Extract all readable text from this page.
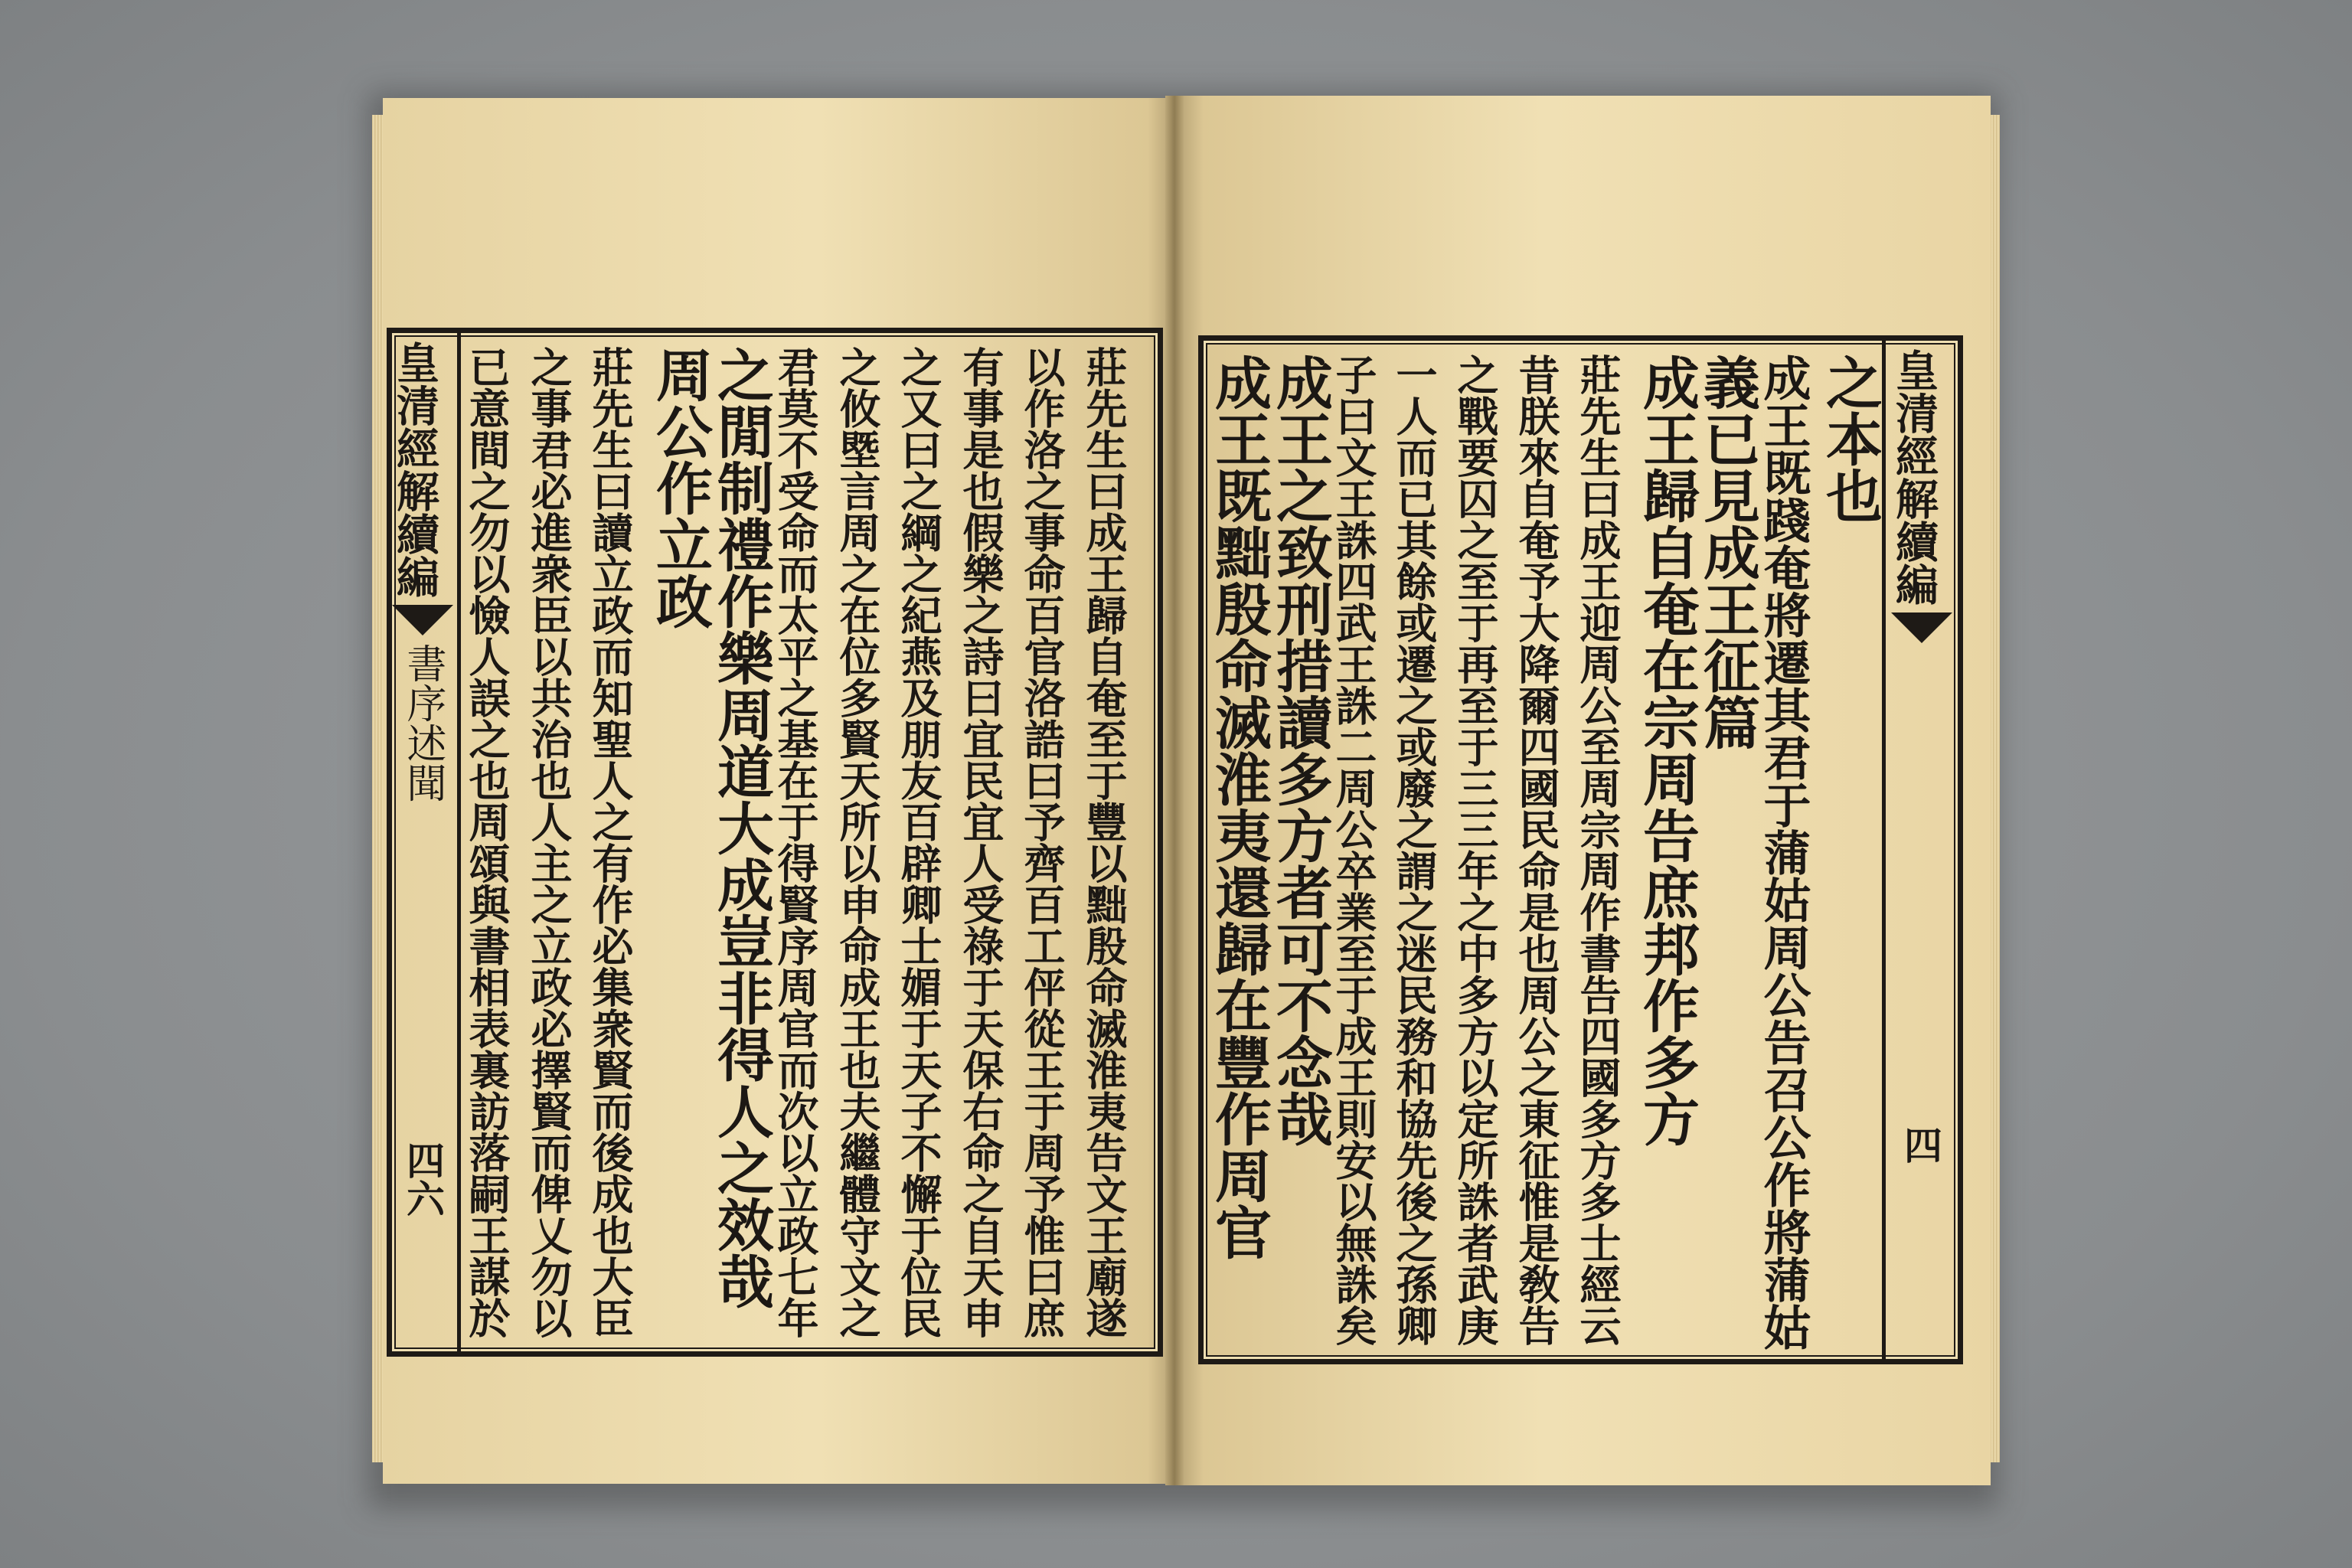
皇清經解續編
書序述聞
四六	莊先生曰成王歸自奄至于豐以黜殷命滅淮夷告文王廟遂
以作洛之事命百官洛誥曰予齊百工伻從王于周予惟曰庶
有事是也假樂之詩曰宜民宜人受祿于天保右命之自天申
之又曰之綱之紀燕及朋友百辟卿士媚于天子不懈于位民
之攸塈言周之在位多賢天所以申命成王也夫繼體守文之
君莫不受命而太平之基在于得賢序周官而次以立政七年
之閒制禮作樂周道大成豈非得人之效哉
周公作立政
莊先生曰讀立政而知聖人之有作必集衆賢而後成也大臣
之事君必進衆臣以共治也人主之立政必擇賢而俾乂勿以
已意間之勿以憸人誤之也周頌與書相表裏訪落嗣王謀於	皇清經解續編
四
之本也
成王既踐奄將遷其君于蒲姑周公告召公作將蒲姑
義已見成王征篇
成王歸自奄在宗周告庶邦作多方
莊先生曰成王迎周公至周宗周作書告四國多方多士經云
昔朕來自奄予大降爾四國民命是也周公之東征惟是敎告
之戰要囚之至于再至于三三年之中多方以定所誅者武庚
一人而已其餘或遷之或廢之謂之迷民務和協先後之孫卿
子曰文王誅四武王誅二周公卒業至于成王則安以無誅矣
成王之致刑措讀多方者可不念哉
成王既黜殷命滅淮夷還歸在豐作周官
